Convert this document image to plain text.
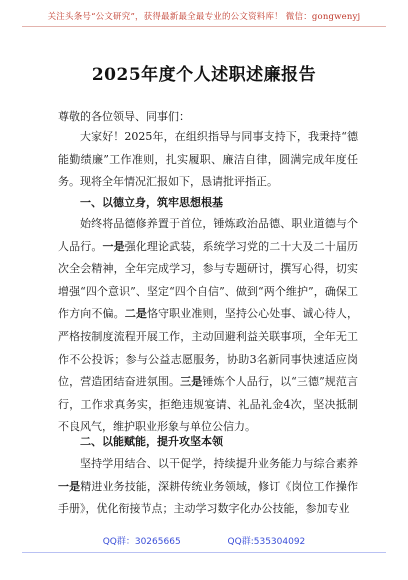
关注头条号“公文研究”，获得最新最全最专业的公文资料库！ 微信：gongwenyj
2025年度个人述职述廉报告

尊敬的各位领导、同事们：

大家好！2025年，在组织指导与同事支持下，我秉持“德能勤绩廉”工作准则，扎实履职、廉洁自律，圆满完成年度任务。现将全年情况汇报如下，恳请批评指正。

一、以德立身，筑牢思想根基

始终将品德修养置于首位，锤炼政治品德、职业道德与个人品行。一是强化理论武装，系统学习党的二十大及二十届历次全会精神，全年完成学习，参与专题研讨，撰写心得，切实增强“四个意识”、坚定“四个自信”、做到“两个维护”，确保工作方向不偏。二是恪守职业准则，坚持公心处事、诚心待人，严格按制度流程开展工作，主动回避利益关联事项，全年无工作不公投诉；参与公益志愿服务，协助3名新同事快速适应岗位，营造团结奋进氛围。三是锤炼个人品行，以“三德”规范言行，工作求真务实，拒绝违规宴请、礼品礼金4次，坚决抵制不良风气，维护职业形象与单位公信力。

二、以能赋能，提升攻坚本领

坚持学用结合、以干促学，持续提升业务能力与综合素养一是精进业务技能，深耕传统业务领域，修订《岗位工作操作手册》，优化衔接节点；主动学习数字化办公技能，参加专业

QQ群：30265665	QQ群:535304092
